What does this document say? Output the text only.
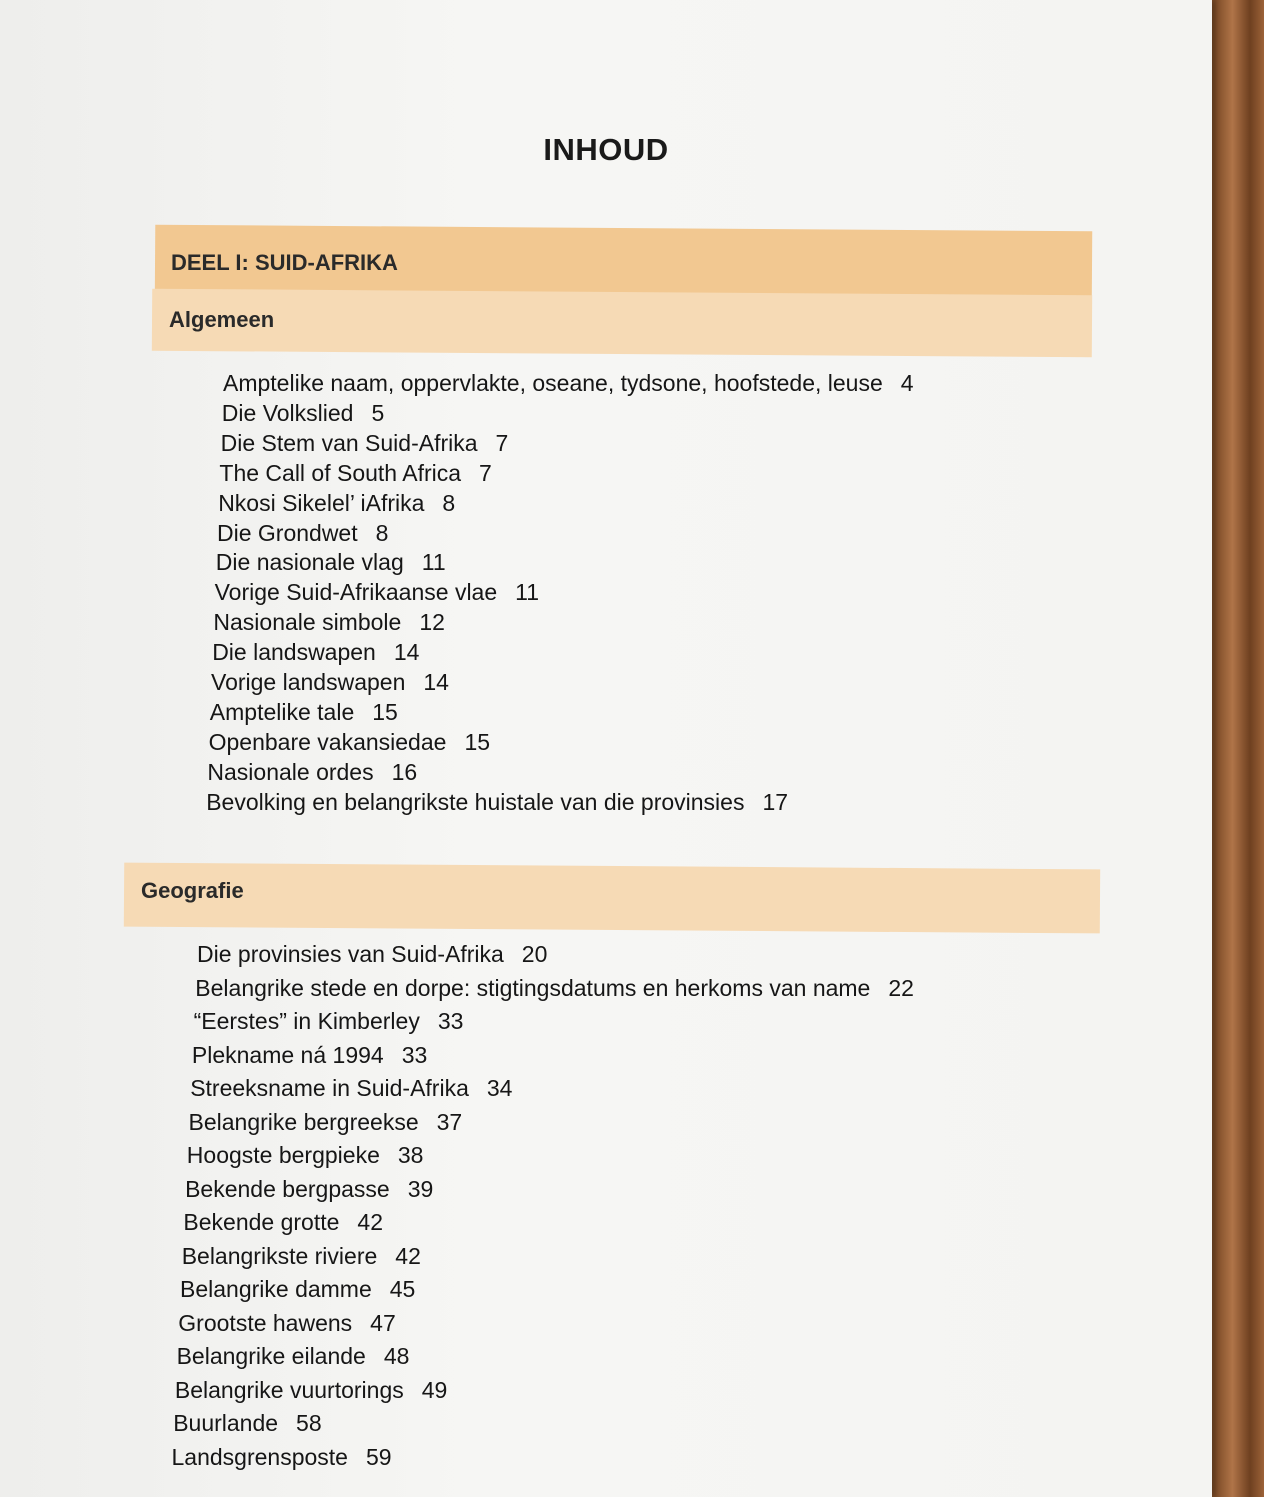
INHOUD
DEEL I: SUID-AFRIKA
Algemeen
Amptelike naam, oppervlakte, oseane, tydsone, hoofstede, leuse 4
Die Volkslied 5
Die Stem van Suid-Afrika 7
The Call of South Africa 7
Nkosi Sikelel’ iAfrika 8
Die Grondwet 8
Die nasionale vlag 11
Vorige Suid-Afrikaanse vlae 11
Nasionale simbole 12
Die landswapen 14
Vorige landswapen 14
Amptelike tale 15
Openbare vakansiedae 15
Nasionale ordes 16
Bevolking en belangrikste huistale van die provinsies 17
Geografie
Die provinsies van Suid-Afrika 20
Belangrike stede en dorpe: stigtingsdatums en herkoms van name 22
“Eerstes” in Kimberley 33
Plekname ná 1994 33
Streeksname in Suid-Afrika 34
Belangrike bergreekse 37
Hoogste bergpieke 38
Bekende bergpasse 39
Bekende grotte 42
Belangrikste riviere 42
Belangrike damme 45
Grootste hawens 47
Belangrike eilande 48
Belangrike vuurtorings 49
Buurlande 58
Landsgrensposte 59
